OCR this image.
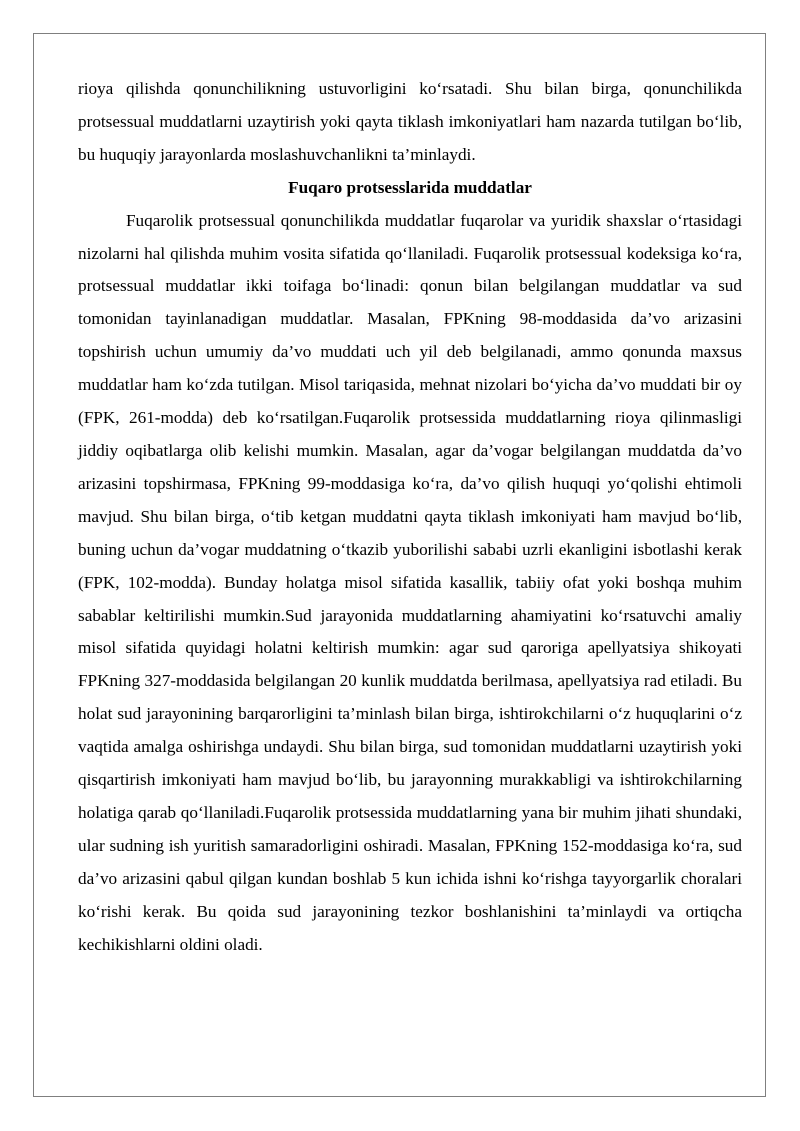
rioya qilishda qonunchilikning ustuvorligini ko‘rsatadi. Shu bilan birga, qonunchilikda protsessual muddatlarni uzaytirish yoki qayta tiklash imkoniyatlari ham nazarda tutilgan bo‘lib, bu huquqiy jarayonlarda moslashuvchanlikni ta’minlaydi.

Fuqaro protsesslarida muddatlar

Fuqarolik protsessual qonunchilikda muddatlar fuqarolar va yuridik shaxslar o‘rtasidagi nizolarni hal qilishda muhim vosita sifatida qo‘llaniladi. Fuqarolik protsessual kodeksiga ko‘ra, protsessual muddatlar ikki toifaga bo‘linadi: qonun bilan belgilangan muddatlar va sud tomonidan tayinlanadigan muddatlar. Masalan, FPKning 98-moddasida da’vo arizasini topshirish uchun umumiy da’vo muddati uch yil deb belgilanadi, ammo qonunda maxsus muddatlar ham ko‘zda tutilgan. Misol tariqasida, mehnat nizolari bo‘yicha da’vo muddati bir oy (FPK, 261-modda) deb ko‘rsatilgan.Fuqarolik protsessida muddatlarning rioya qilinmasligi jiddiy oqibatlarga olib kelishi mumkin. Masalan, agar da’vogar belgilangan muddatda da’vo arizasini topshirmasa, FPKning 99-moddasiga ko‘ra, da’vo qilish huquqi yo‘qolishi ehtimoli mavjud. Shu bilan birga, o‘tib ketgan muddatni qayta tiklash imkoniyati ham mavjud bo‘lib, buning uchun da’vogar muddatning o‘tkazib yuborilishi sababi uzrli ekanligini isbotlashi kerak (FPK, 102-modda). Bunday holatga misol sifatida kasallik, tabiiy ofat yoki boshqa muhim sabablar keltirilishi mumkin.Sud jarayonida muddatlarning ahamiyatini ko‘rsatuvchi amaliy misol sifatida quyidagi holatni keltirish mumkin: agar sud qaroriga apellyatsiya shikoyati FPKning 327-moddasida belgilangan 20 kunlik muddatda berilmasa, apellyatsiya rad etiladi. Bu holat sud jarayonining barqarorligini ta’minlash bilan birga, ishtirokchilarni o‘z huquqlarini o‘z vaqtida amalga oshirishga undaydi. Shu bilan birga, sud tomonidan muddatlarni uzaytirish yoki qisqartirish imkoniyati ham mavjud bo‘lib, bu jarayonning murakkabligi va ishtirokchilarning holatiga qarab qo‘llaniladi.Fuqarolik protsessida muddatlarning yana bir muhim jihati shundaki, ular sudning ish yuritish samaradorligini oshiradi. Masalan, FPKning 152-moddasiga ko‘ra, sud da’vo arizasini qabul qilgan kundan boshlab 5 kun ichida ishni ko‘rishga tayyorgarlik choralari ko‘rishi kerak. Bu qoida sud jarayonining tezkor boshlanishini ta’minlaydi va ortiqcha kechikishlarni oldini oladi.
